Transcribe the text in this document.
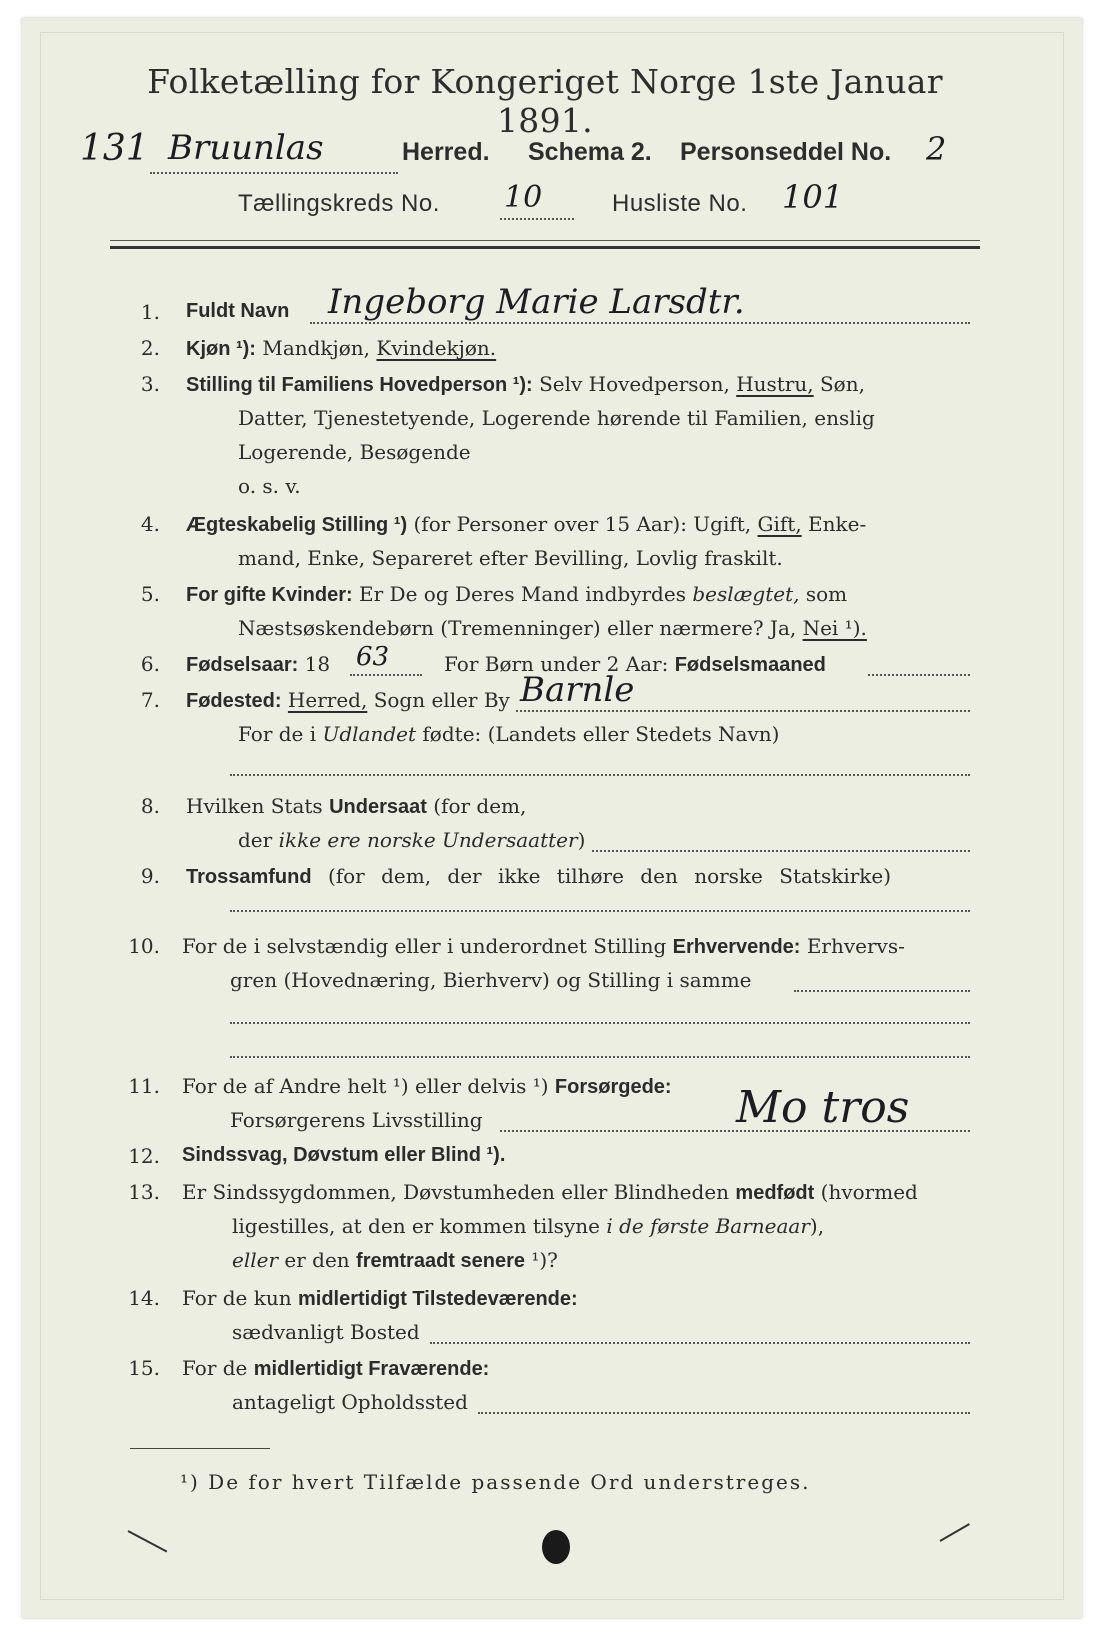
Folketælling for Kongeriget Norge 1ste Januar 1891.
131 Bruunlas	Herred. Schema 2. Personseddel No. 2
Tællingskreds No. 10	Husliste No. 101
1. Fuldt Navn Ingeborg Marie Larsdtr.
2. Kjøn ¹): Mandkjøn, Kvindekjøn.
3. Stilling til Familiens Hovedperson ¹): Selv Hovedperson, Hustru, Søn,
Datter, Tjenestetyende, Logerende hørende til Familien, enslig
Logerende, Besøgende
o. s. v.
4. Ægteskabelig Stilling ¹) (for Personer over 15 Aar): Ugift, Gift, Enke-
mand, Enke, Separeret efter Bevilling, Lovlig fraskilt.
5. For gifte Kvinder: Er De og Deres Mand indbyrdes beslægtet, som
Næstsøskendebørn (Tremenninger) eller nærmere? Ja, Nei ¹).
6. Fødselsaar: 18 63	For Børn under 2 Aar: Fødselsmaaned
7. Fødested: Herred, Sogn eller By Barnle
For de i Udlandet fødte: (Landets eller Stedets Navn)
8. Hvilken Stats Undersaat (for dem,
der ikke ere norske Undersaatter)
9. Trossamfund (for dem, der ikke tilhøre den norske Statskirke)
10. For de i selvstændig eller i underordnet Stilling Erhvervende: Erhvervs-
gren (Hovednæring, Bierhverv) og Stilling i samme
11. For de af Andre helt ¹) eller delvis ¹) Forsørgede:
Forsørgerens Livsstilling	Mo tros
12. Sindssvag, Døvstum eller Blind ¹).
13. Er Sindssygdommen, Døvstumheden eller Blindheden medfødt (hvormed
ligestilles, at den er kommen tilsyne i de første Barneaar),
eller er den fremtraadt senere ¹)?
14. For de kun midlertidigt Tilstedeværende:
sædvanligt Bosted
15. For de midlertidigt Fraværende:
antageligt Opholdssted
¹) De for hvert Tilfælde passende Ord understreges.
